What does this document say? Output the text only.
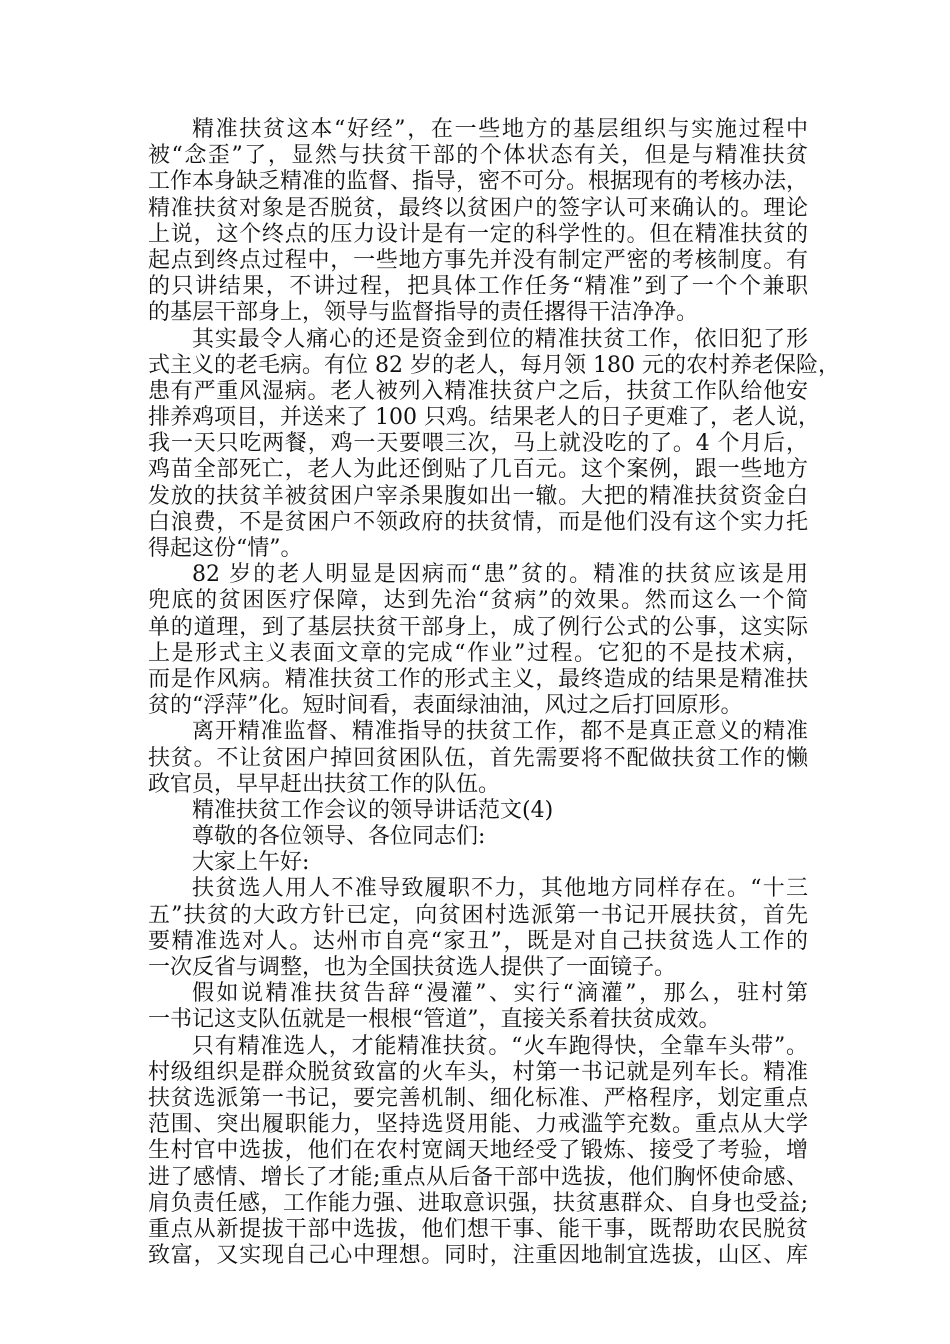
精准扶贫这本“好经”，在一些地方的基层组织与实施过程中
被“念歪”了，显然与扶贫干部的个体状态有关，但是与精准扶贫
工作本身缺乏精准的监督、指导，密不可分。根据现有的考核办法，
精准扶贫对象是否脱贫，最终以贫困户的签字认可来确认的。理论
上说，这个终点的压力设计是有一定的科学性的。但在精准扶贫的
起点到终点过程中，一些地方事先并没有制定严密的考核制度。有
的只讲结果，不讲过程，把具体工作任务“精准”到了一个个兼职
的基层干部身上，领导与监督指导的责任撂得干洁净净。
其实最令人痛心的还是资金到位的精准扶贫工作，依旧犯了形
式主义的老毛病。有位 82 岁的老人，每月领 180 元的农村养老保险，
患有严重风湿病。老人被列入精准扶贫户之后，扶贫工作队给他安
排养鸡项目，并送来了 100 只鸡。结果老人的日子更难了，老人说，
我一天只吃两餐，鸡一天要喂三次，马上就没吃的了。4 个月后，
鸡苗全部死亡，老人为此还倒贴了几百元。这个案例，跟一些地方
发放的扶贫羊被贫困户宰杀果腹如出一辙。大把的精准扶贫资金白
白浪费，不是贫困户不领政府的扶贫情，而是他们没有这个实力托
得起这份“情”。
82 岁的老人明显是因病而“患”贫的。精准的扶贫应该是用
兜底的贫困医疗保障，达到先治“贫病”的效果。然而这么一个简
单的道理，到了基层扶贫干部身上，成了例行公式的公事，这实际
上是形式主义表面文章的完成“作业”过程。它犯的不是技术病，
而是作风病。精准扶贫工作的形式主义，最终造成的结果是精准扶
贫的“浮萍”化。短时间看，表面绿油油，风过之后打回原形。
离开精准监督、精准指导的扶贫工作，都不是真正意义的精准
扶贫。不让贫困户掉回贫困队伍，首先需要将不配做扶贫工作的懒
政官员，早早赶出扶贫工作的队伍。
精准扶贫工作会议的领导讲话范文(4)
尊敬的各位领导、各位同志们:
大家上午好:
扶贫选人用人不准导致履职不力，其他地方同样存在。“十三
五”扶贫的大政方针已定，向贫困村选派第一书记开展扶贫，首先
要精准选对人。达州市自亮“家丑”，既是对自己扶贫选人工作的
一次反省与调整，也为全国扶贫选人提供了一面镜子。
假如说精准扶贫告辞“漫灌”、实行“滴灌”，那么，驻村第
一书记这支队伍就是一根根“管道”，直接关系着扶贫成效。
只有精准选人，才能精准扶贫。“火车跑得快，全靠车头带”。
村级组织是群众脱贫致富的火车头，村第一书记就是列车长。精准
扶贫选派第一书记，要完善机制、细化标准、严格程序，划定重点
范围、突出履职能力，坚持选贤用能、力戒滥竽充数。重点从大学
生村官中选拔，他们在农村宽阔天地经受了锻炼、接受了考验，增
进了感情、增长了才能;重点从后备干部中选拔，他们胸怀使命感、
肩负责任感，工作能力强、进取意识强，扶贫惠群众、自身也受益;
重点从新提拔干部中选拔，他们想干事、能干事，既帮助农民脱贫
致富，又实现自己心中理想。同时，注重因地制宜选拔，山区、库
